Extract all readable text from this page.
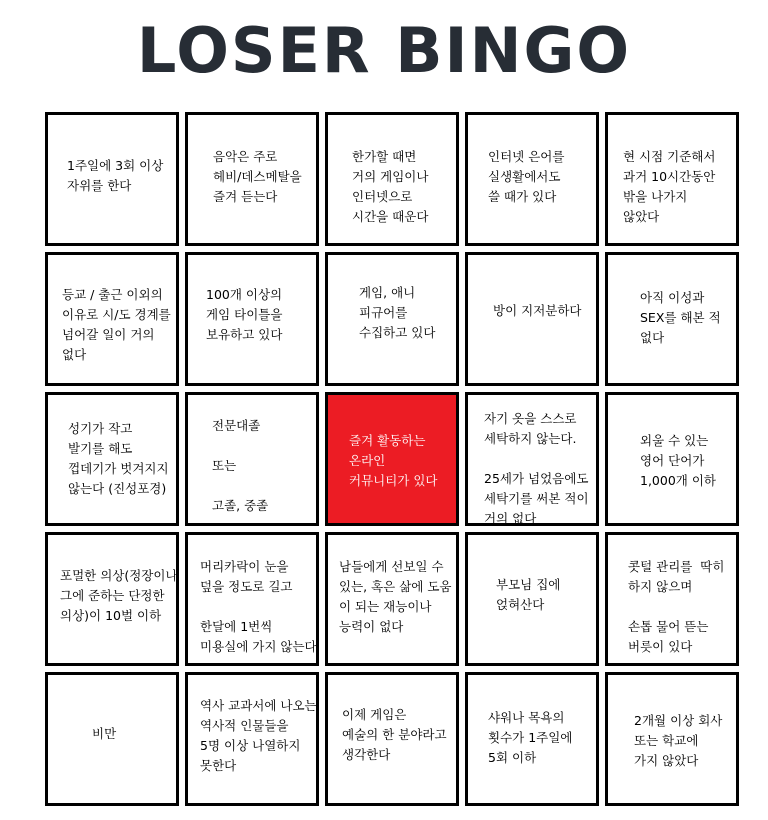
LOSER BINGO
1주일에 3회 이상
자위를 한다
음악은 주로
헤비/데스메탈을
즐겨 듣는다
한가할 때면
거의 게임이나
인터넷으로
시간을 때운다
인터넷 은어를
실생활에서도
쓸 때가 있다
현 시점 기준해서
과거 10시간동안
밖을 나가지
않았다
등교 / 출근 이외의
이유로 시/도 경계를
넘어갈 일이 거의
없다
100개 이상의
게임 타이틀을
보유하고 있다
게임, 애니
피규어를
수집하고 있다
방이 지저분하다
아직 이성과
SEX를 해본 적
없다
성기가 작고
발기를 해도
껍데기가 벗겨지지
않는다 (진성포경)
전문대졸

또는

고졸, 중졸
즐겨 활동하는
온라인
커뮤니티가 있다
자기 옷을 스스로
세탁하지 않는다.

25세가 넘었음에도
세탁기를 써본 적이
거의 없다
외울 수 있는
영어 단어가
1,000개 이하
포멀한 의상(정장이나
그에 준하는 단정한
의상)이 10벌 이하
머리카락이 눈을
덮을 정도로 길고

한달에 1번씩
미용실에 가지 않는다
남들에게 선보일 수
있는, 혹은 삶에 도움
이 되는 재능이나
능력이 없다
부모님 집에
얹혀산다
콧털 관리를  딱히
하지 않으며

손톱 물어 뜯는
버릇이 있다
비만
역사 교과서에 나오는
역사적 인물들을
5명 이상 나열하지
못한다
이제 게임은
예술의 한 분야라고
생각한다
샤워나 목욕의
횟수가 1주일에
5회 이하
2개월 이상 회사
또는 학교에
가지 않았다
